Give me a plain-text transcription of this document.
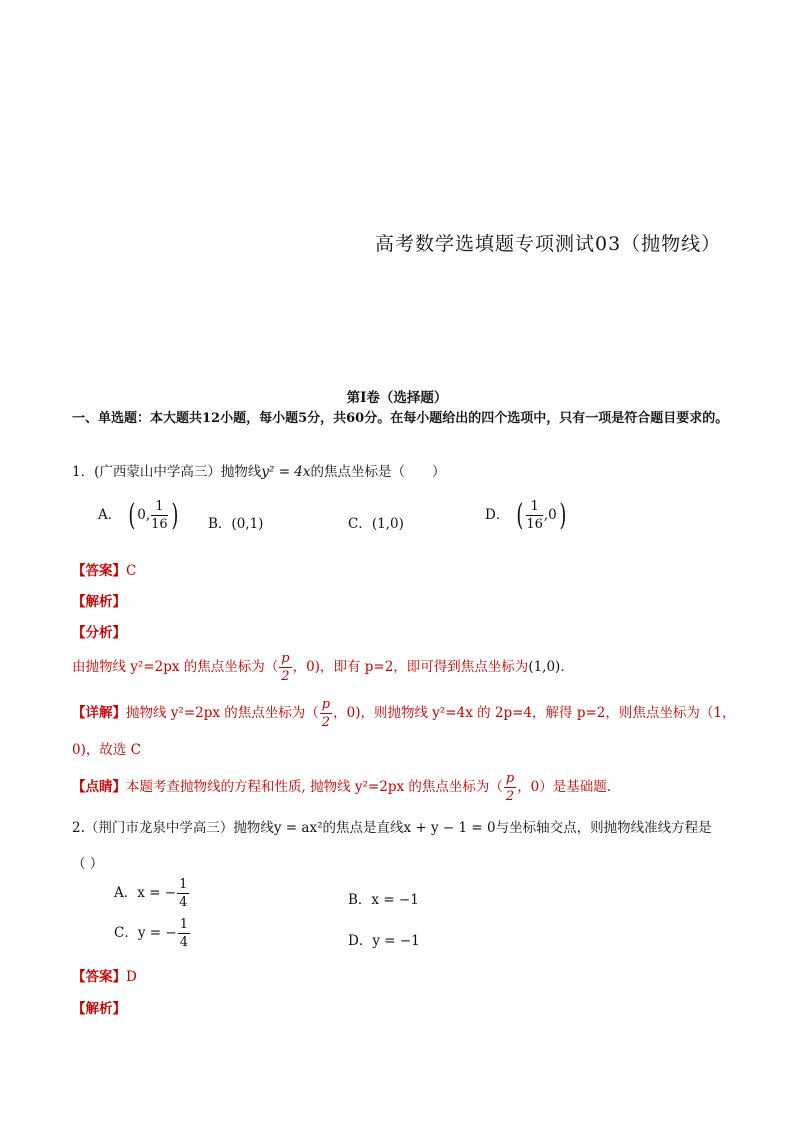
高考数学选填题专项测试03（抛物线）
第Ⅰ卷（选择题）
一、单选题：本大题共12小题，每小题5分，共60分。在每小题给出的四个选项中，只有一项是符合题目要求的。
1．(广西蒙山中学高三）抛物线y² = 4x的焦点坐标是（　　）
A． ( 0, $\frac{1}{16}$ ) B．(0,1)	C．(1,0)
D． ( $\frac{1}{16} ,0$)
【答案】C
【解析】
【分析】
由抛物线 y²=2px 的焦点坐标为（ $\frac{p}{2}$ ，0)，即有 p=2，即可得到焦点坐标为(1,0).
【详解】抛物线 y²=2px 的焦点坐标为（ $\frac{p}{2}$ ，0)，则抛物线 y²=4x 的 2p=4，解得 p=2，则焦点坐标为（1，
0)，故选 C
【点睛】本题考查抛物线的方程和性质, 抛物线 y²=2px 的焦点坐标为（ $\frac{p}{2}$ ，0）是基础题.
2.（荆门市龙泉中学高三）抛物线y = ax²的焦点是直线x + y − 1 = 0与坐标轴交点，则抛物线准线方程是
（ ）
A．x = − $\frac{1}{4}$	B．x = −1
C．y = − $\frac{1}{4}$	D．y = −1
【答案】D
【解析】
